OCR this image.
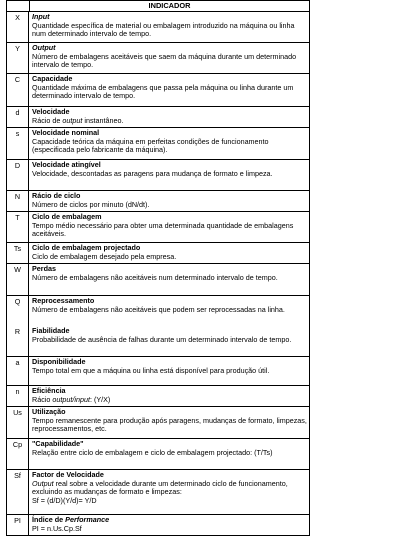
INDICADOR
X	Input
Quantidade específica de material ou embalagem introduzido na máquina ou linha num determinado intervalo de tempo.
Y	Output
Número de embalagens aceitáveis que saem da máquina durante um determinado intervalo de tempo.
C	Capacidade
Quantidade máxima de embalagens que passa pela máquina ou linha durante um determinado intervalo de tempo.
d	Velocidade
Rácio de output instantâneo.
s	Velocidade nominal
Capacidade teórica da máquina em perfeitas condições de funcionamento (especificada pelo fabricante da máquina).
D	Velocidade atingível
Velocidade, descontadas as paragens para mudança de formato e limpeza.
N	Rácio de ciclo
Número de ciclos por minuto (dN/dt).
T	Ciclo de embalagem
Tempo médio necessário para obter uma determinada quantidade de embalagens aceitáveis.
Ts	Ciclo de embalagem projectado
Ciclo de embalagem desejado pela empresa.
W	Perdas
Número de embalagens não aceitáveis num determinado intervalo de tempo.
Q	Reprocessamento
Número de embalagens não aceitáveis que podem ser reprocessadas na linha.
R	Fiabilidade
Probabilidade de ausência de falhas durante um determinado intervalo de tempo.
a	Disponibilidade
Tempo total em que a máquina ou linha está disponível para produção útil.
n	Eficiência
Rácio output/input: (Y/X)
Us	Utilização
Tempo remanescente para produção após paragens, mudanças de formato, limpezas, reprocessamentos, etc.
Cp	"Capabilidade"
Relação entre ciclo de embalagem e ciclo de embalagem projectado: (T/Ts)
Sf	Factor de Velocidade
Output real sobre a velocidade durante um determinado ciclo de funcionamento, excluindo as mudanças de formato e limpezas:
Sf = (d/D)(Y/d)= Y/D
PI	Índice de Performance
PI = n.Us.Cp.Sf
